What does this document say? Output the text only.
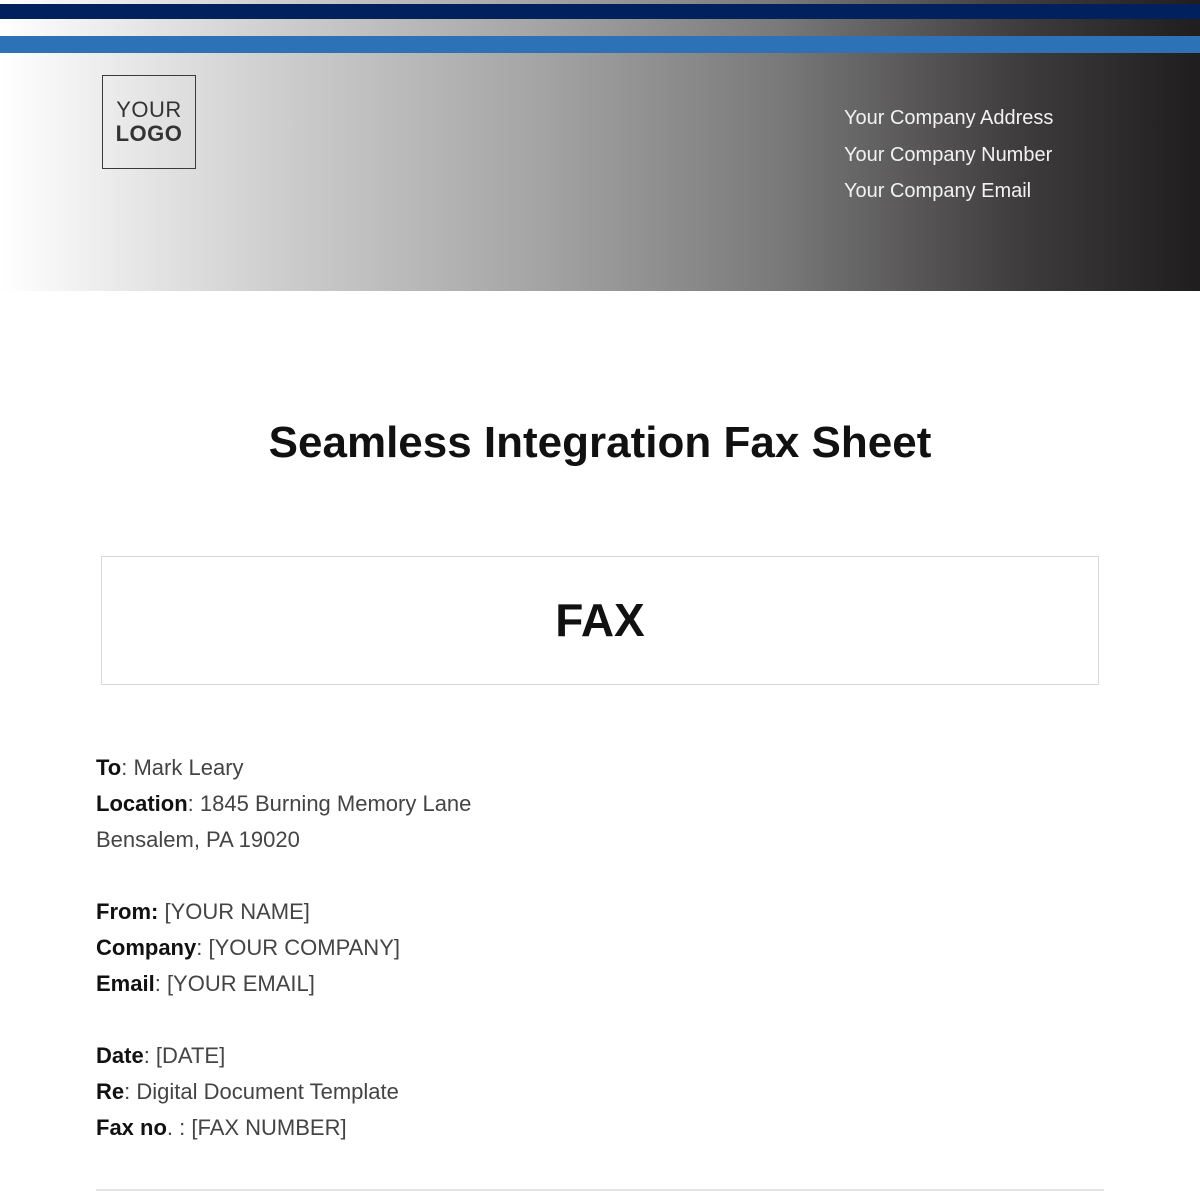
YOUR
LOGO
Your Company Address
Your Company Number
Your Company Email
Seamless Integration Fax Sheet
FAX
To: Mark Leary
Location: 1845 Burning Memory Lane
Bensalem, PA 19020
From: [YOUR NAME]
Company: [YOUR COMPANY]
Email: [YOUR EMAIL]
Date: [DATE]
Re: Digital Document Template
Fax no. : [FAX NUMBER]
